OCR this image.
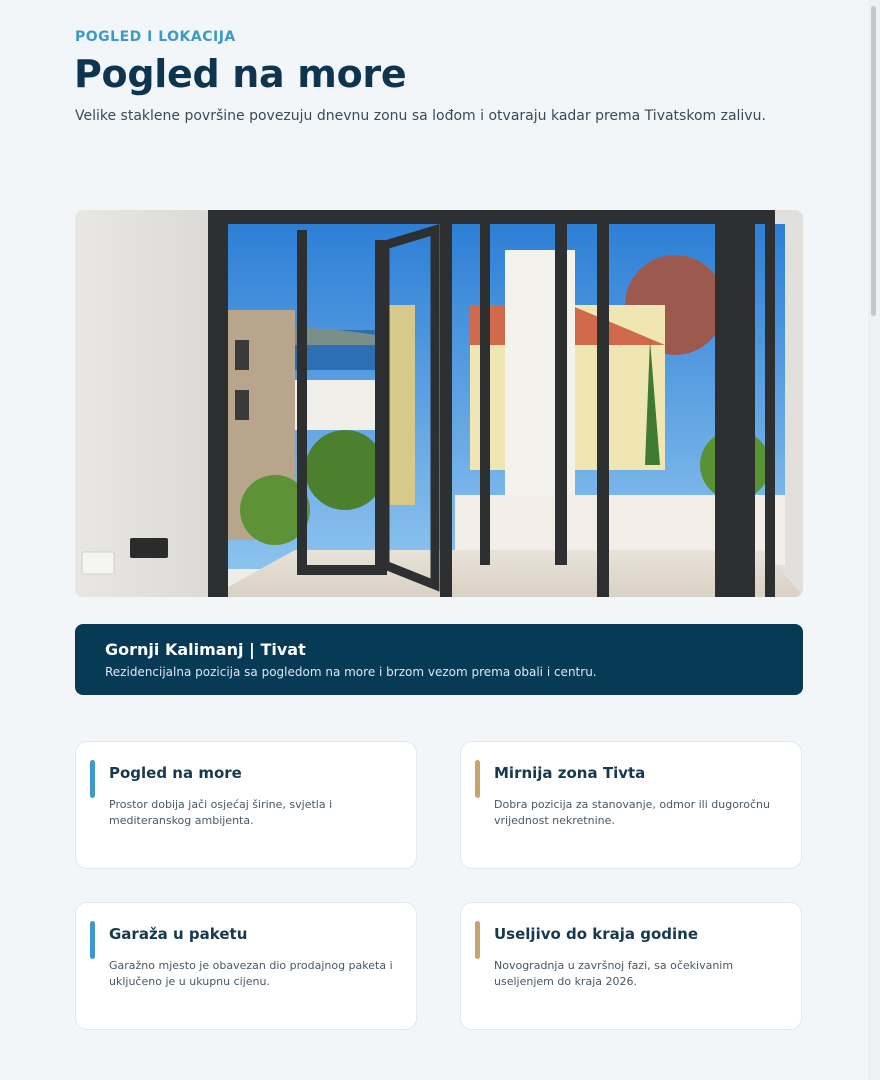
POGLED I LOKACIJA
Pogled na more
Velike staklene površine povezuju dnevnu zonu sa lođom i otvaraju kadar prema Tivatskom zalivu.
Gornji Kalimanj | Tivat
Rezidencijalna pozicija sa pogledom na more i brzom vezom prema obali i centru.
Pogled na more
Prostor dobija jači osjećaj širine, svjetla i mediteranskog ambijenta.
Mirnija zona Tivta
Dobra pozicija za stanovanje, odmor ili dugoročnu vrijednost nekretnine.
Garaža u paketu
Garažno mjesto je obavezan dio prodajnog paketa i uključeno je u ukupnu cijenu.
Useljivo do kraja godine
Novogradnja u završnoj fazi, sa očekivanim useljenjem do kraja 2026.
